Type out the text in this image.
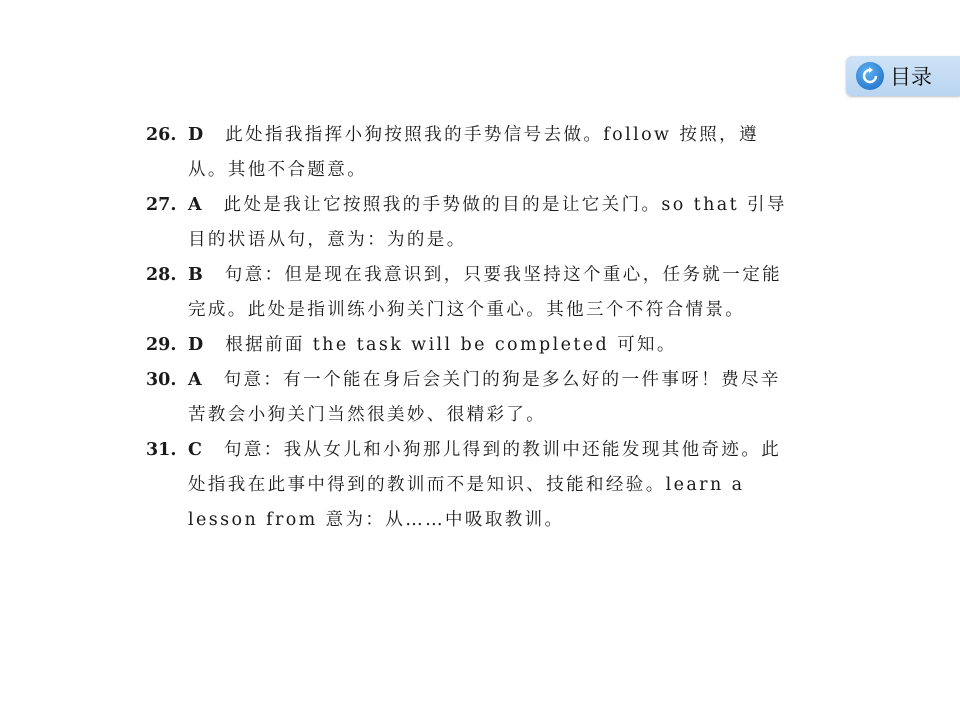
目录
26. D 此处指我指挥小狗按照我的手势信号去做。follow 按照，遵从。其他不合题意。
27. A 此处是我让它按照我的手势做的目的是让它关门。so that 引导目的状语从句，意为：为的是。
28. B 句意：但是现在我意识到，只要我坚持这个重心，任务就一定能完成。此处是指训练小狗关门这个重心。其他三个不符合情景。
29. D 根据前面 the task will be completed 可知。
30. A 句意：有一个能在身后会关门的狗是多么好的一件事呀！费尽辛苦教会小狗关门当然很美妙、很精彩了。
31. C 句意：我从女儿和小狗那儿得到的教训中还能发现其他奇迹。此处指我在此事中得到的教训而不是知识、技能和经验。learn a lesson from 意为：从……中吸取教训。
